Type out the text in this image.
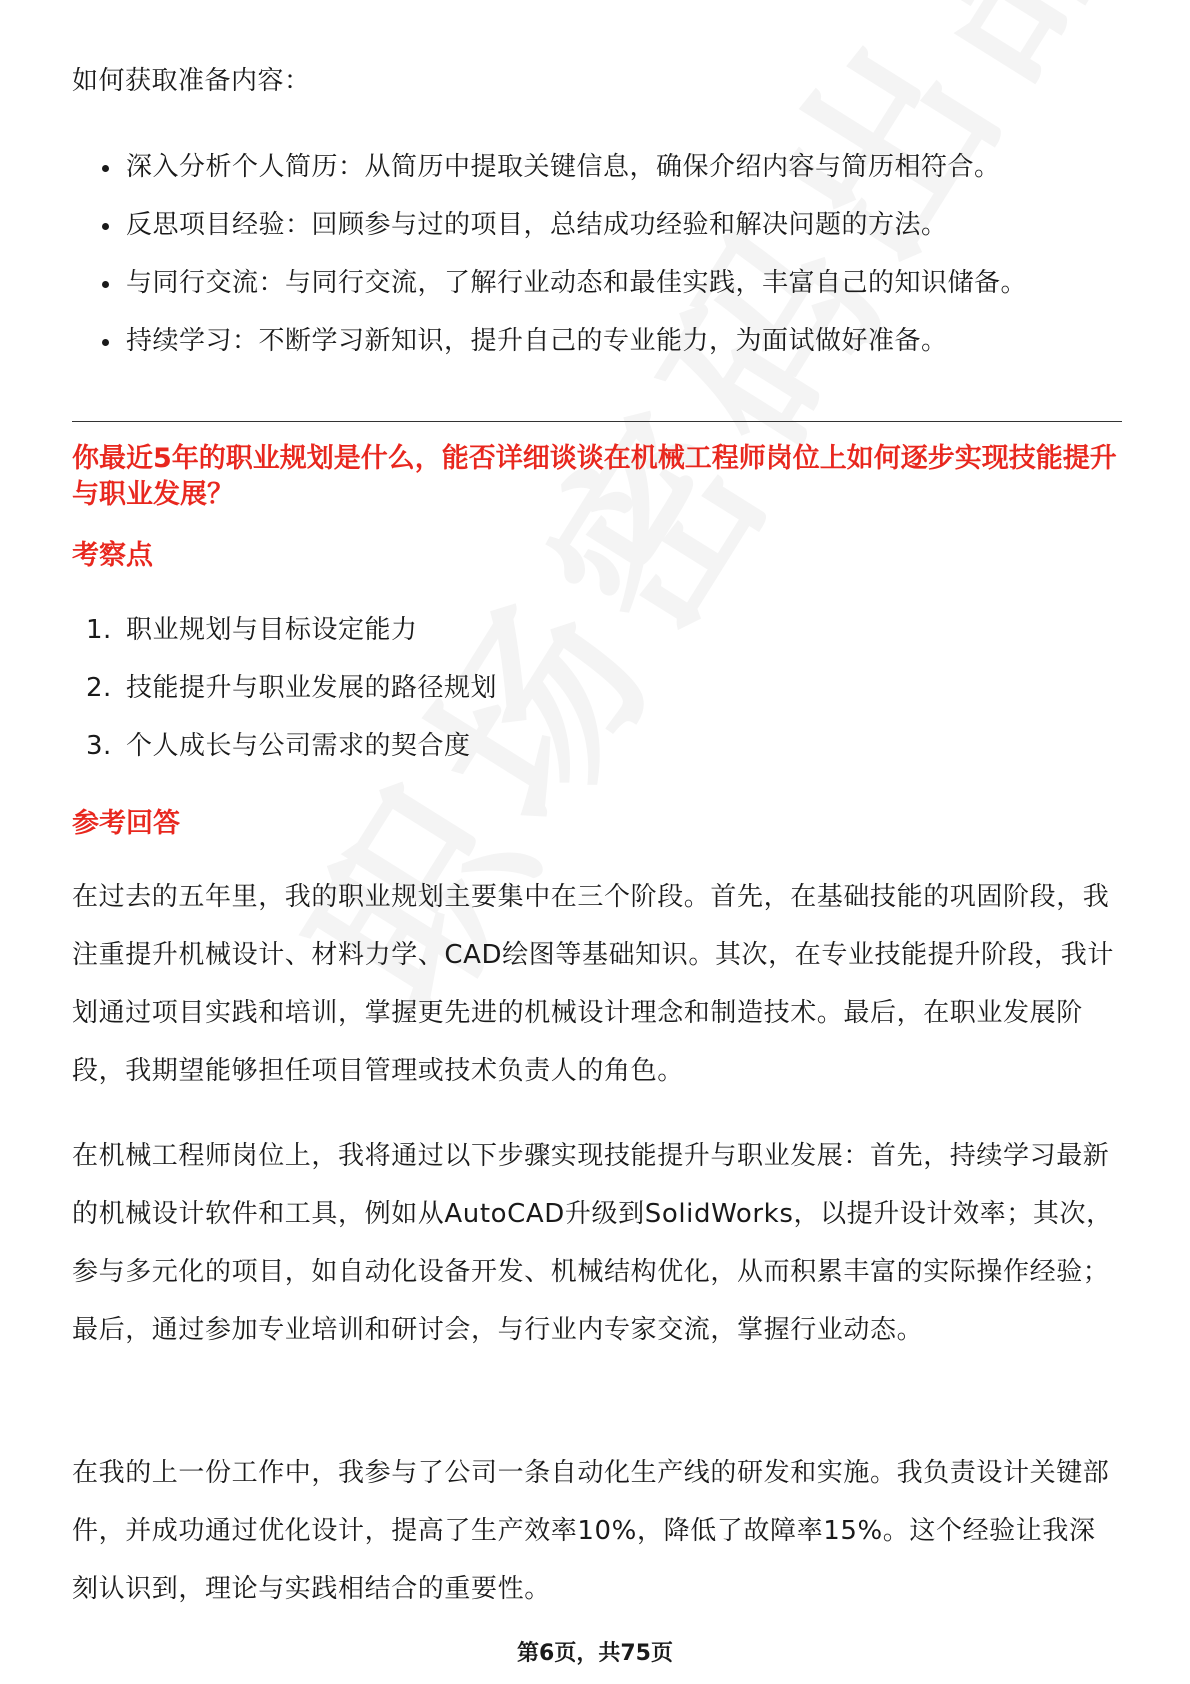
如何获取准备内容：

深入分析个人简历：从简历中提取关键信息，确保介绍内容与简历相符合。
反思项目经验：回顾参与过的项目，总结成功经验和解决问题的方法。
与同行交流：与同行交流，了解行业动态和最佳实践，丰富自己的知识储备。
持续学习：不断学习新知识，提升自己的专业能力，为面试做好准备。

你最近5年的职业规划是什么，能否详细谈谈在机械工程师岗位上如何逐步实现技能提升与职业发展？

考察点

1. 职业规划与目标设定能力
2. 技能提升与职业发展的路径规划
3. 个人成长与公司需求的契合度

参考回答

在过去的五年里，我的职业规划主要集中在三个阶段。首先，在基础技能的巩固阶段，我注重提升机械设计、材料力学、CAD绘图等基础知识。其次，在专业技能提升阶段，我计划通过项目实践和培训，掌握更先进的机械设计理念和制造技术。最后，在职业发展阶段，我期望能够担任项目管理或技术负责人的角色。

在机械工程师岗位上，我将通过以下步骤实现技能提升与职业发展：首先，持续学习最新的机械设计软件和工具，例如从AutoCAD升级到SolidWorks，以提升设计效率；其次，参与多元化的项目，如自动化设备开发、机械结构优化，从而积累丰富的实际操作经验；最后，通过参加专业培训和研讨会，与行业内专家交流，掌握行业动态。

在我的上一份工作中，我参与了公司一条自动化生产线的研发和实施。我负责设计关键部件，并成功通过优化设计，提高了生产效率10%，降低了故障率15%。这个经验让我深刻认识到，理论与实践相结合的重要性。

第6页，共75页
